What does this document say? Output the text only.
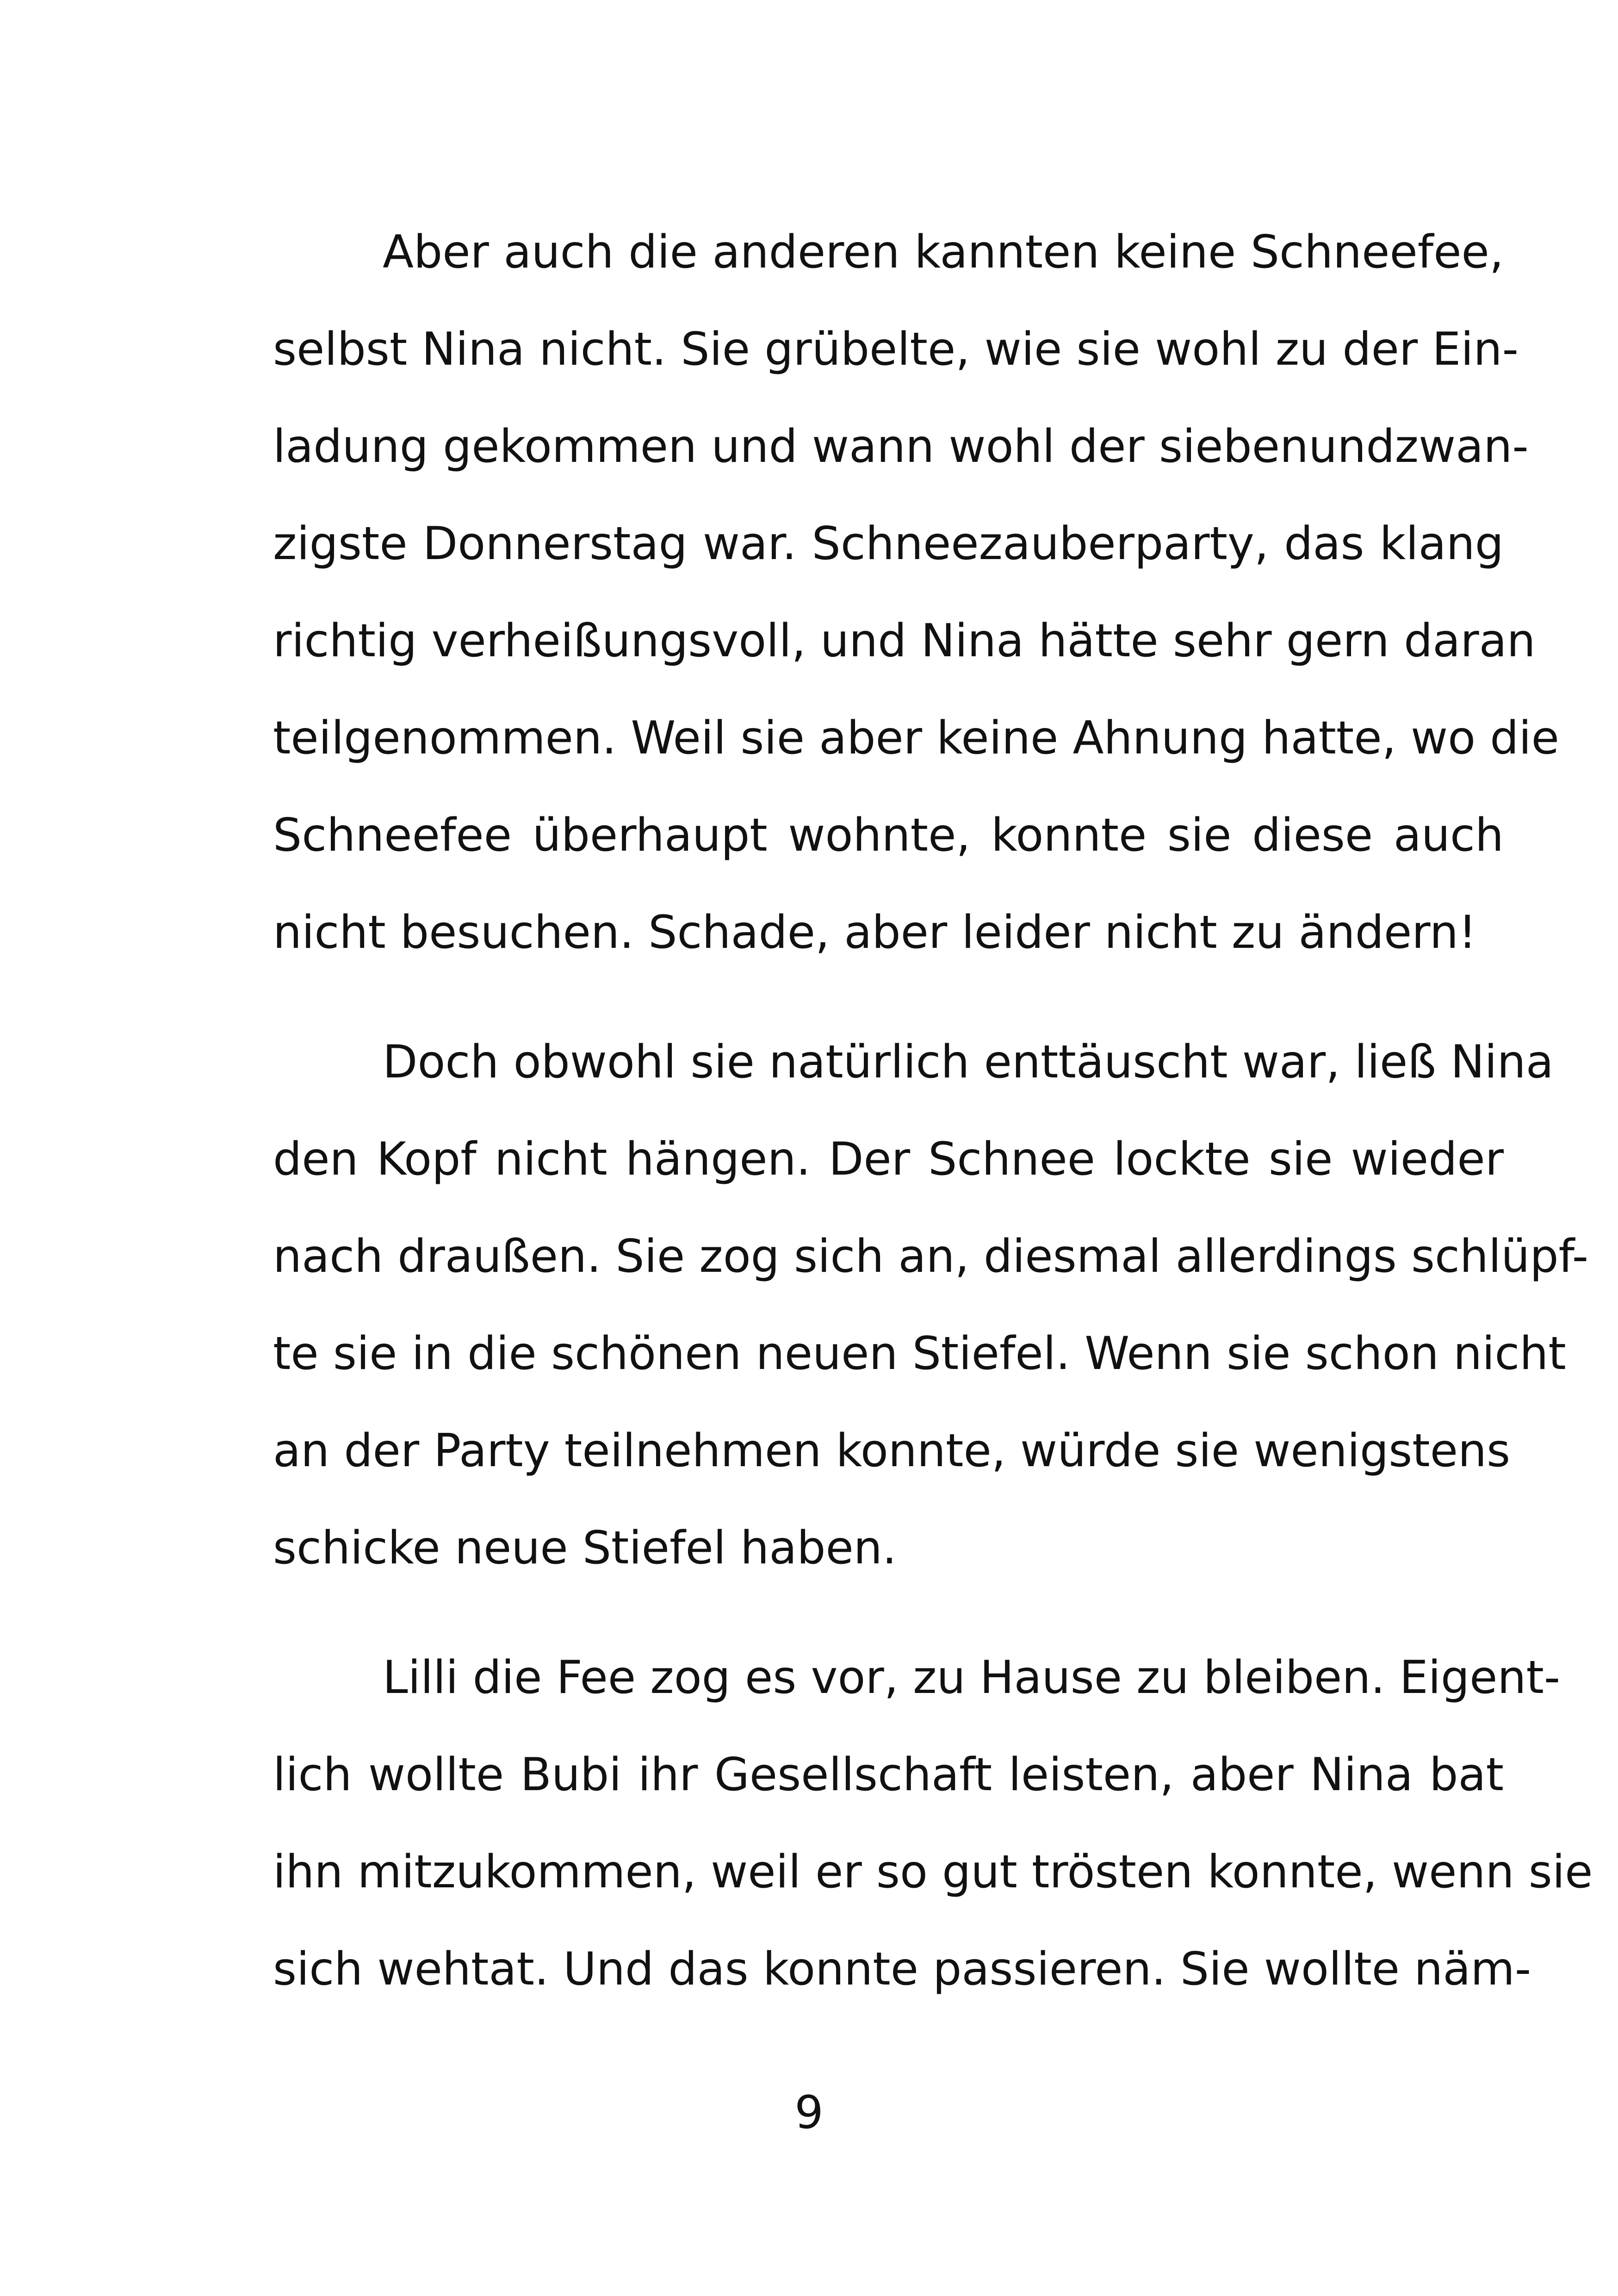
Aber auch die anderen kannten keine Schneefee,
selbst Nina nicht. Sie grübelte, wie sie wohl zu der Ein-
ladung gekommen und wann wohl der siebenundzwan-
zigste Donnerstag war. Schneezauberparty, das klang
richtig verheißungsvoll, und Nina hätte sehr gern daran
teilgenommen. Weil sie aber keine Ahnung hatte, wo die
Schneefee überhaupt wohnte, konnte sie diese auch
nicht besuchen. Schade, aber leider nicht zu ändern!
Doch obwohl sie natürlich enttäuscht war, ließ Nina
den Kopf nicht hängen. Der Schnee lockte sie wieder
nach draußen. Sie zog sich an, diesmal allerdings schlüpf-
te sie in die schönen neuen Stiefel. Wenn sie schon nicht
an der Party teilnehmen konnte, würde sie wenigstens
schicke neue Stiefel haben.
Lilli die Fee zog es vor, zu Hause zu bleiben. Eigent-
lich wollte Bubi ihr Gesellschaft leisten, aber Nina bat
ihn mitzukommen, weil er so gut trösten konnte, wenn sie
sich wehtat. Und das konnte passieren. Sie wollte näm-
9
